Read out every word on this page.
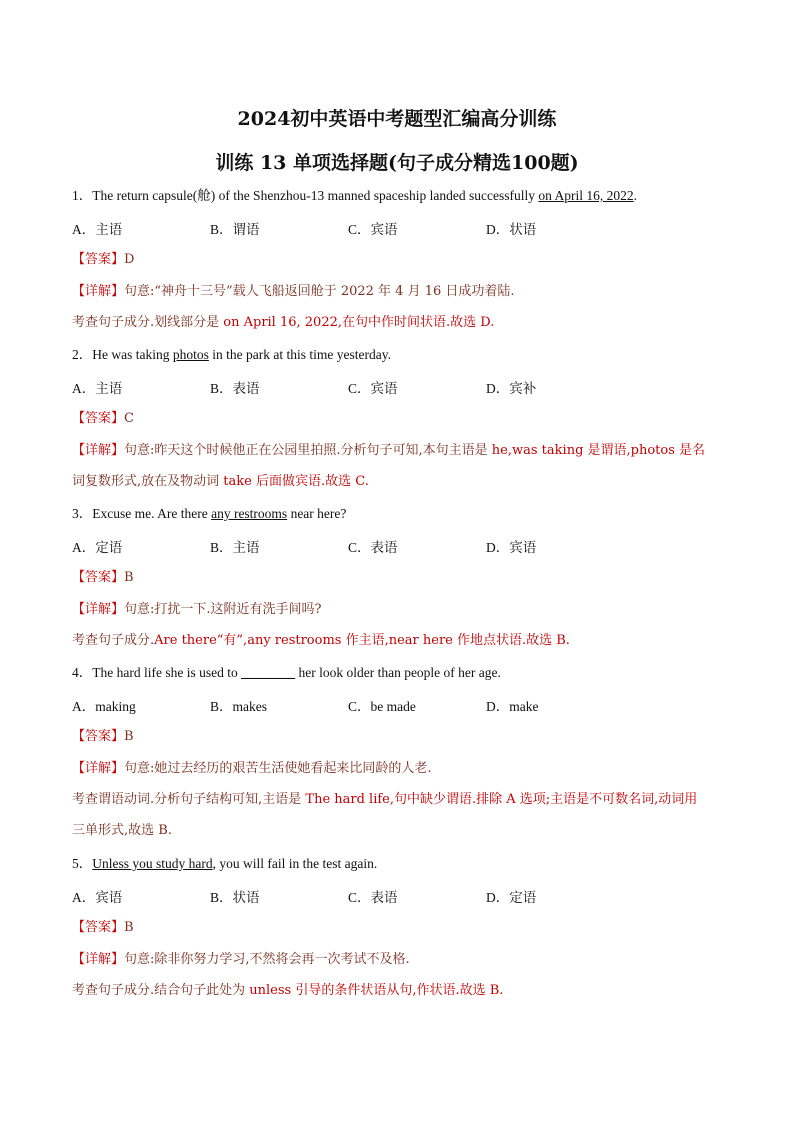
2024初中英语中考题型汇编高分训练
训练 13 单项选择题(句子成分精选100题)
1．The return capsule(舱) of the Shenzhou-13 manned spaceship landed successfully on April 16, 2022.
A．主语	B．谓语	C．宾语	D．状语
【答案】D
【详解】句意:“神舟十三号”载人飞船返回舱于 2022 年 4 月 16 日成功着陆.
考查句子成分.划线部分是 on April 16, 2022,在句中作时间状语.故选 D.
2．He was taking photos in the park at this time yesterday.
A．主语	B．表语	C．宾语	D．宾补
【答案】C
【详解】句意:昨天这个时候他正在公园里拍照.分析句子可知,本句主语是 he,was taking 是谓语,photos 是名
词复数形式,放在及物动词 take 后面做宾语.故选 C.
3．Excuse me. Are there any restrooms near here?
A．定语	B．主语	C．表语	D．宾语
【答案】B
【详解】句意:打扰一下.这附近有洗手间吗?
考查句子成分.Are there“有”,any restrooms 作主语,near here 作地点状语.故选 B.
4．The hard life she is used to ________ her look older than people of her age.
A．making	B．makes	C．be made	D．make
【答案】B
【详解】句意:她过去经历的艰苦生活使她看起来比同龄的人老.
考查谓语动词.分析句子结构可知,主语是 The hard life,句中缺少谓语.排除 A 选项;主语是不可数名词,动词用
三单形式,故选 B.
5．Unless you study hard, you will fail in the test again.
A．宾语	B．状语	C．表语	D．定语
【答案】B
【详解】句意:除非你努力学习,不然将会再一次考试不及格.
考查句子成分.结合句子此处为 unless 引导的条件状语从句,作状语.故选 B.
